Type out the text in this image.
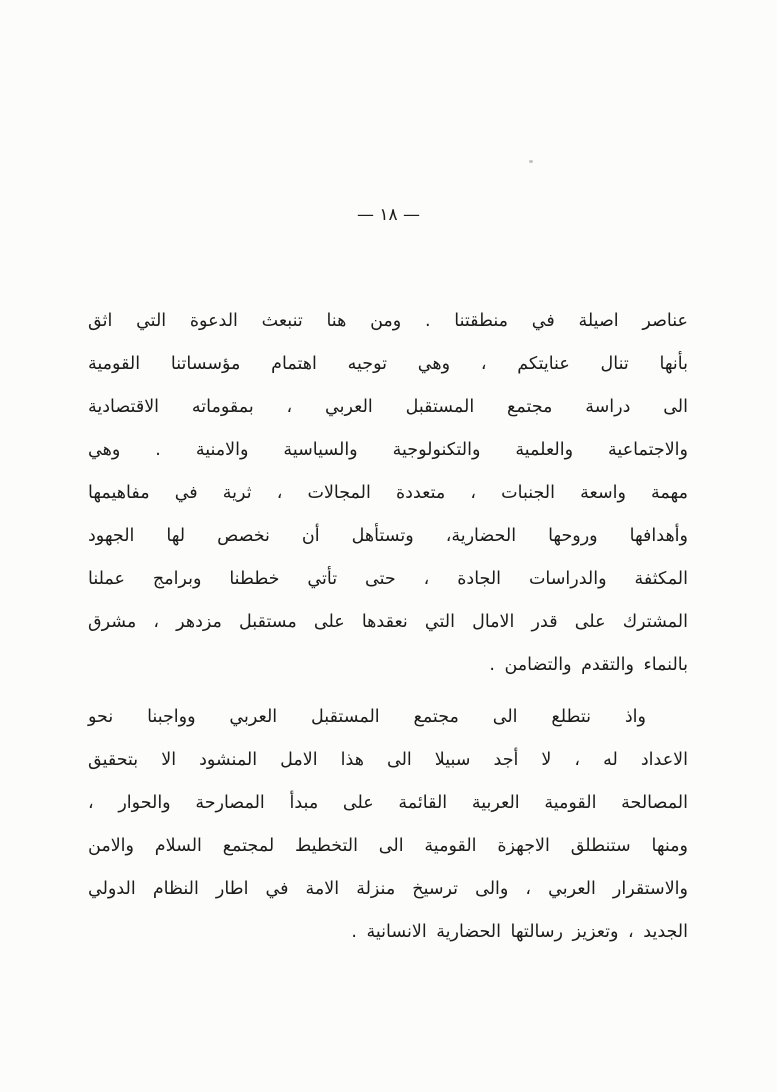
— ١٨ —
عناصر اصيلة في منطقتنا . ومن هنا تنبعث الدعوة التي اثق
بأنها تنال عنايتكم ، وهي توجيه اهتمام مؤسساتنا القومية
الى دراسة مجتمع المستقبل العربي ، بمقوماته الاقتصادية
والاجتماعية والعلمية والتكنولوجية والسياسية والامنية . وهي
مهمة واسعة الجنبات ، متعددة المجالات ، ثرية في مفاهيمها
وأهدافها وروحها الحضارية، وتستأهل أن نخصص لها الجهود
المكثفة والدراسات الجادة ، حتى تأتي خططنا وبرامج عملنا
المشترك على قدر الامال التي نعقدها على مستقبل مزدهر ، مشرق
بالنماء والتقدم والتضامن .
واذ نتطلع الى مجتمع المستقبل العربي وواجبنا نحو
الاعداد له ، لا أجد سبيلا الى هذا الامل المنشود الا بتحقيق
المصالحة القومية العربية القائمة على مبدأ المصارحة والحوار ،
ومنها ستنطلق الاجهزة القومية الى التخطيط لمجتمع السلام والامن
والاستقرار العربي ، والى ترسيخ منزلة الامة في اطار النظام الدولي
الجديد ، وتعزيز رسالتها الحضارية الانسانية .
